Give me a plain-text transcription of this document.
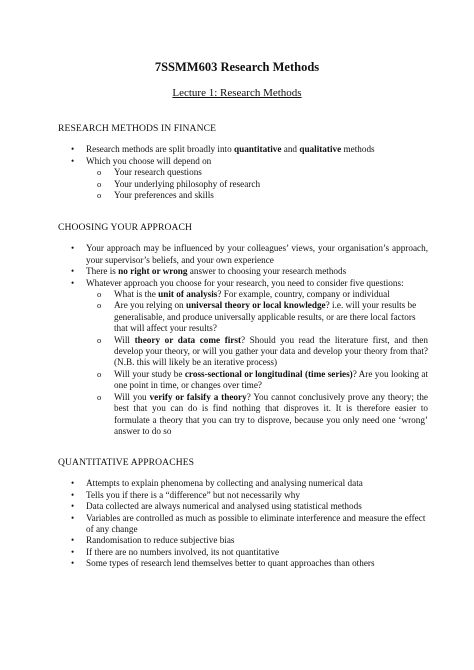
7SSMM603 Research Methods
Lecture 1: Research Methods
RESEARCH METHODS IN FINANCE
• Research methods are split broadly into quantitative and qualitative methods
• Which you choose will depend on
o Your research questions
o Your underlying philosophy of research
o Your preferences and skills
CHOOSING YOUR APPROACH
• Your approach may be influenced by your colleagues’ views, your organisation’s approach, your supervisor’s beliefs, and your own experience
• There is no right or wrong answer to choosing your research methods
• Whatever approach you choose for your research, you need to consider five questions:
o What is the unit of analysis? For example, country, company or individual
o Are you relying on universal theory or local knowledge? i.e. will your results be generalisable, and produce universally applicable results, or are there local factors that will affect your results?
o Will theory or data come first? Should you read the literature first, and then develop your theory, or will you gather your data and develop your theory from that? (N.B. this will likely be an iterative process)
o Will your study be cross-sectional or longitudinal (time series)? Are you looking at one point in time, or changes over time?
o Will you verify or falsify a theory? You cannot conclusively prove any theory; the best that you can do is find nothing that disproves it. It is therefore easier to formulate a theory that you can try to disprove, because you only need one ‘wrong’ answer to do so
QUANTITATIVE APPROACHES
• Attempts to explain phenomena by collecting and analysing numerical data
• Tells you if there is a “difference” but not necessarily why
• Data collected are always numerical and analysed using statistical methods
• Variables are controlled as much as possible to eliminate interference and measure the effect of any change
• Randomisation to reduce subjective bias
• If there are no numbers involved, its not quantitative
• Some types of research lend themselves better to quant approaches than others
